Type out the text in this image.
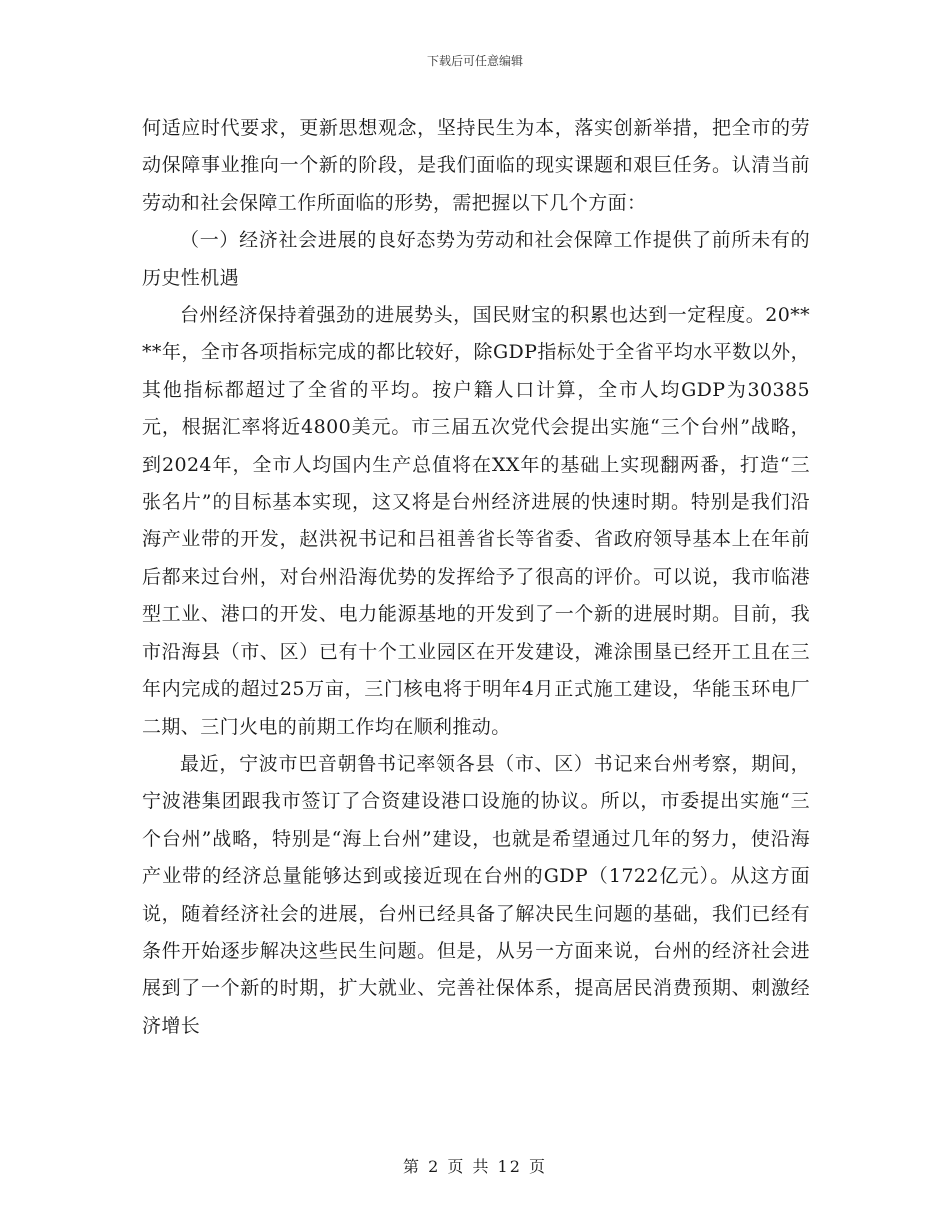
下载后可任意编辑

何适应时代要求，更新思想观念，坚持民生为本，落实创新举措，把全市的劳动保障事业推向一个新的阶段，是我们面临的现实课题和艰巨任务。认清当前劳动和社会保障工作所面临的形势，需把握以下几个方面：

（一）经济社会进展的良好态势为劳动和社会保障工作提供了前所未有的历史性机遇

台州经济保持着强劲的进展势头，国民财宝的积累也达到一定程度。20****年，全市各项指标完成的都比较好，除GDP指标处于全省平均水平数以外，其他指标都超过了全省的平均。按户籍人口计算，全市人均GDP为30385元，根据汇率将近4800美元。市三届五次党代会提出实施“三个台州”战略，到2024年，全市人均国内生产总值将在XX年的基础上实现翻两番，打造“三张名片”的目标基本实现，这又将是台州经济进展的快速时期。特别是我们沿海产业带的开发，赵洪祝书记和吕祖善省长等省委、省政府领导基本上在年前后都来过台州，对台州沿海优势的发挥给予了很高的评价。可以说，我市临港型工业、港口的开发、电力能源基地的开发到了一个新的进展时期。目前，我市沿海县（市、区）已有十个工业园区在开发建设，滩涂围垦已经开工且在三年内完成的超过25万亩，三门核电将于明年4月正式施工建设，华能玉环电厂二期、三门火电的前期工作均在顺利推动。

最近，宁波市巴音朝鲁书记率领各县（市、区）书记来台州考察，期间，宁波港集团跟我市签订了合资建设港口设施的协议。所以，市委提出实施“三个台州”战略，特别是“海上台州”建设，也就是希望通过几年的努力，使沿海产业带的经济总量能够达到或接近现在台州的GDP（1722亿元）。从这方面说，随着经济社会的进展，台州已经具备了解决民生问题的基础，我们已经有条件开始逐步解决这些民生问题。但是，从另一方面来说，台州的经济社会进展到了一个新的时期，扩大就业、完善社保体系，提高居民消费预期、刺激经济增长

第 2 页 共 12 页
